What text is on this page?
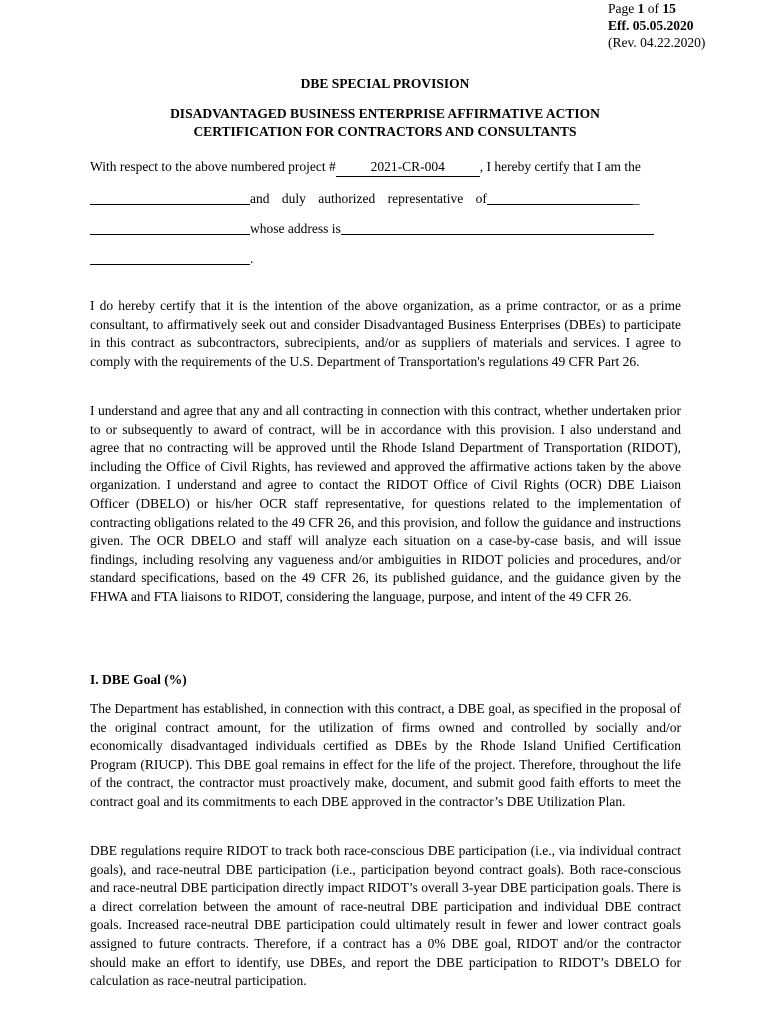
Page 1 of 15
Eff. 05.05.2020
(Rev. 04.22.2020)
DBE SPECIAL PROVISION
DISADVANTAGED BUSINESS ENTERPRISE AFFIRMATIVE ACTION
CERTIFICATION FOR CONTRACTORS AND CONSULTANTS
With respect to the above numbered project #	2021-CR-004	, I hereby certify that I am the
and duly authorized representative of	_
whose address is
.

I do hereby certify that it is the intention of the above organization, as a prime contractor, or as a prime consultant, to affirmatively seek out and consider Disadvantaged Business Enterprises (DBEs) to participate in this contract as subcontractors, subrecipients, and/or as suppliers of materials and services. I agree to comply with the requirements of the U.S. Department of Transportation's regulations 49 CFR Part 26.

I understand and agree that any and all contracting in connection with this contract, whether undertaken prior to or subsequently to award of contract, will be in accordance with this provision. I also understand and agree that no contracting will be approved until the Rhode Island Department of Transportation (RIDOT), including the Office of Civil Rights, has reviewed and approved the affirmative actions taken by the above organization. I understand and agree to contact the RIDOT Office of Civil Rights (OCR) DBE Liaison Officer (DBELO) or his/her OCR staff representative, for questions related to the implementation of contracting obligations related to the 49 CFR 26, and this provision, and follow the guidance and instructions given. The OCR DBELO and staff will analyze each situation on a case-by-case basis, and will issue findings, including resolving any vagueness and/or ambiguities in RIDOT policies and procedures, and/or standard specifications, based on the 49 CFR 26, its published guidance, and the guidance given by the FHWA and FTA liaisons to RIDOT, considering the language, purpose, and intent of the 49 CFR 26.

I. DBE Goal (%)

The Department has established, in connection with this contract, a DBE goal, as specified in the proposal of the original contract amount, for the utilization of firms owned and controlled by socially and/or economically disadvantaged individuals certified as DBEs by the Rhode Island Unified Certification Program (RIUCP). This DBE goal remains in effect for the life of the project. Therefore, throughout the life of the contract, the contractor must proactively make, document, and submit good faith efforts to meet the contract goal and its commitments to each DBE approved in the contractor’s DBE Utilization Plan.

DBE regulations require RIDOT to track both race-conscious DBE participation (i.e., via individual contract goals), and race-neutral DBE participation (i.e., participation beyond contract goals). Both race-conscious and race-neutral DBE participation directly impact RIDOT’s overall 3-year DBE participation goals. There is a direct correlation between the amount of race-neutral DBE participation and individual DBE contract goals. Increased race-neutral DBE participation could ultimately result in fewer and lower contract goals assigned to future contracts. Therefore, if a contract has a 0% DBE goal, RIDOT and/or the contractor should make an effort to identify, use DBEs, and report the DBE participation to RIDOT’s DBELO for calculation as race-neutral participation.
